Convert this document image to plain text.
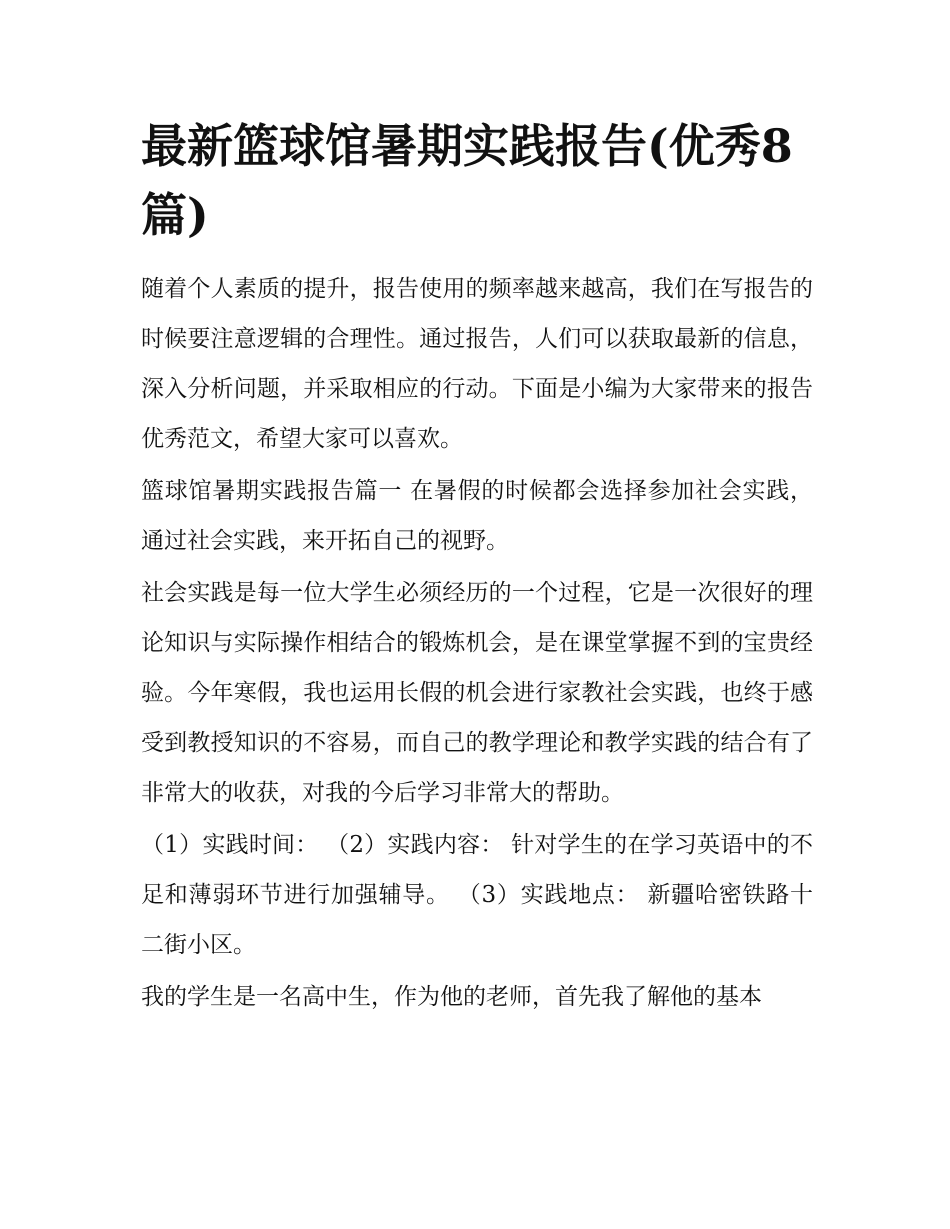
最新篮球馆暑期实践报告(优秀8篇)

随着个人素质的提升，报告使用的频率越来越高，我们在写报告的时候要注意逻辑的合理性。通过报告，人们可以获取最新的信息，深入分析问题，并采取相应的行动。下面是小编为大家带来的报告优秀范文，希望大家可以喜欢。

篮球馆暑期实践报告篇一 在暑假的时候都会选择参加社会实践，通过社会实践，来开拓自己的视野。

社会实践是每一位大学生必须经历的一个过程，它是一次很好的理论知识与实际操作相结合的锻炼机会，是在课堂掌握不到的宝贵经验。今年寒假，我也运用长假的机会进行家教社会实践，也终于感受到教授知识的不容易，而自己的教学理论和教学实践的结合有了非常大的收获，对我的今后学习非常大的帮助。

（1）实践时间： （2）实践内容： 针对学生的在学习英语中的不足和薄弱环节进行加强辅导。 （3）实践地点： 新疆哈密铁路十二街小区。

我的学生是一名高中生，作为他的老师，首先我了解他的基本
